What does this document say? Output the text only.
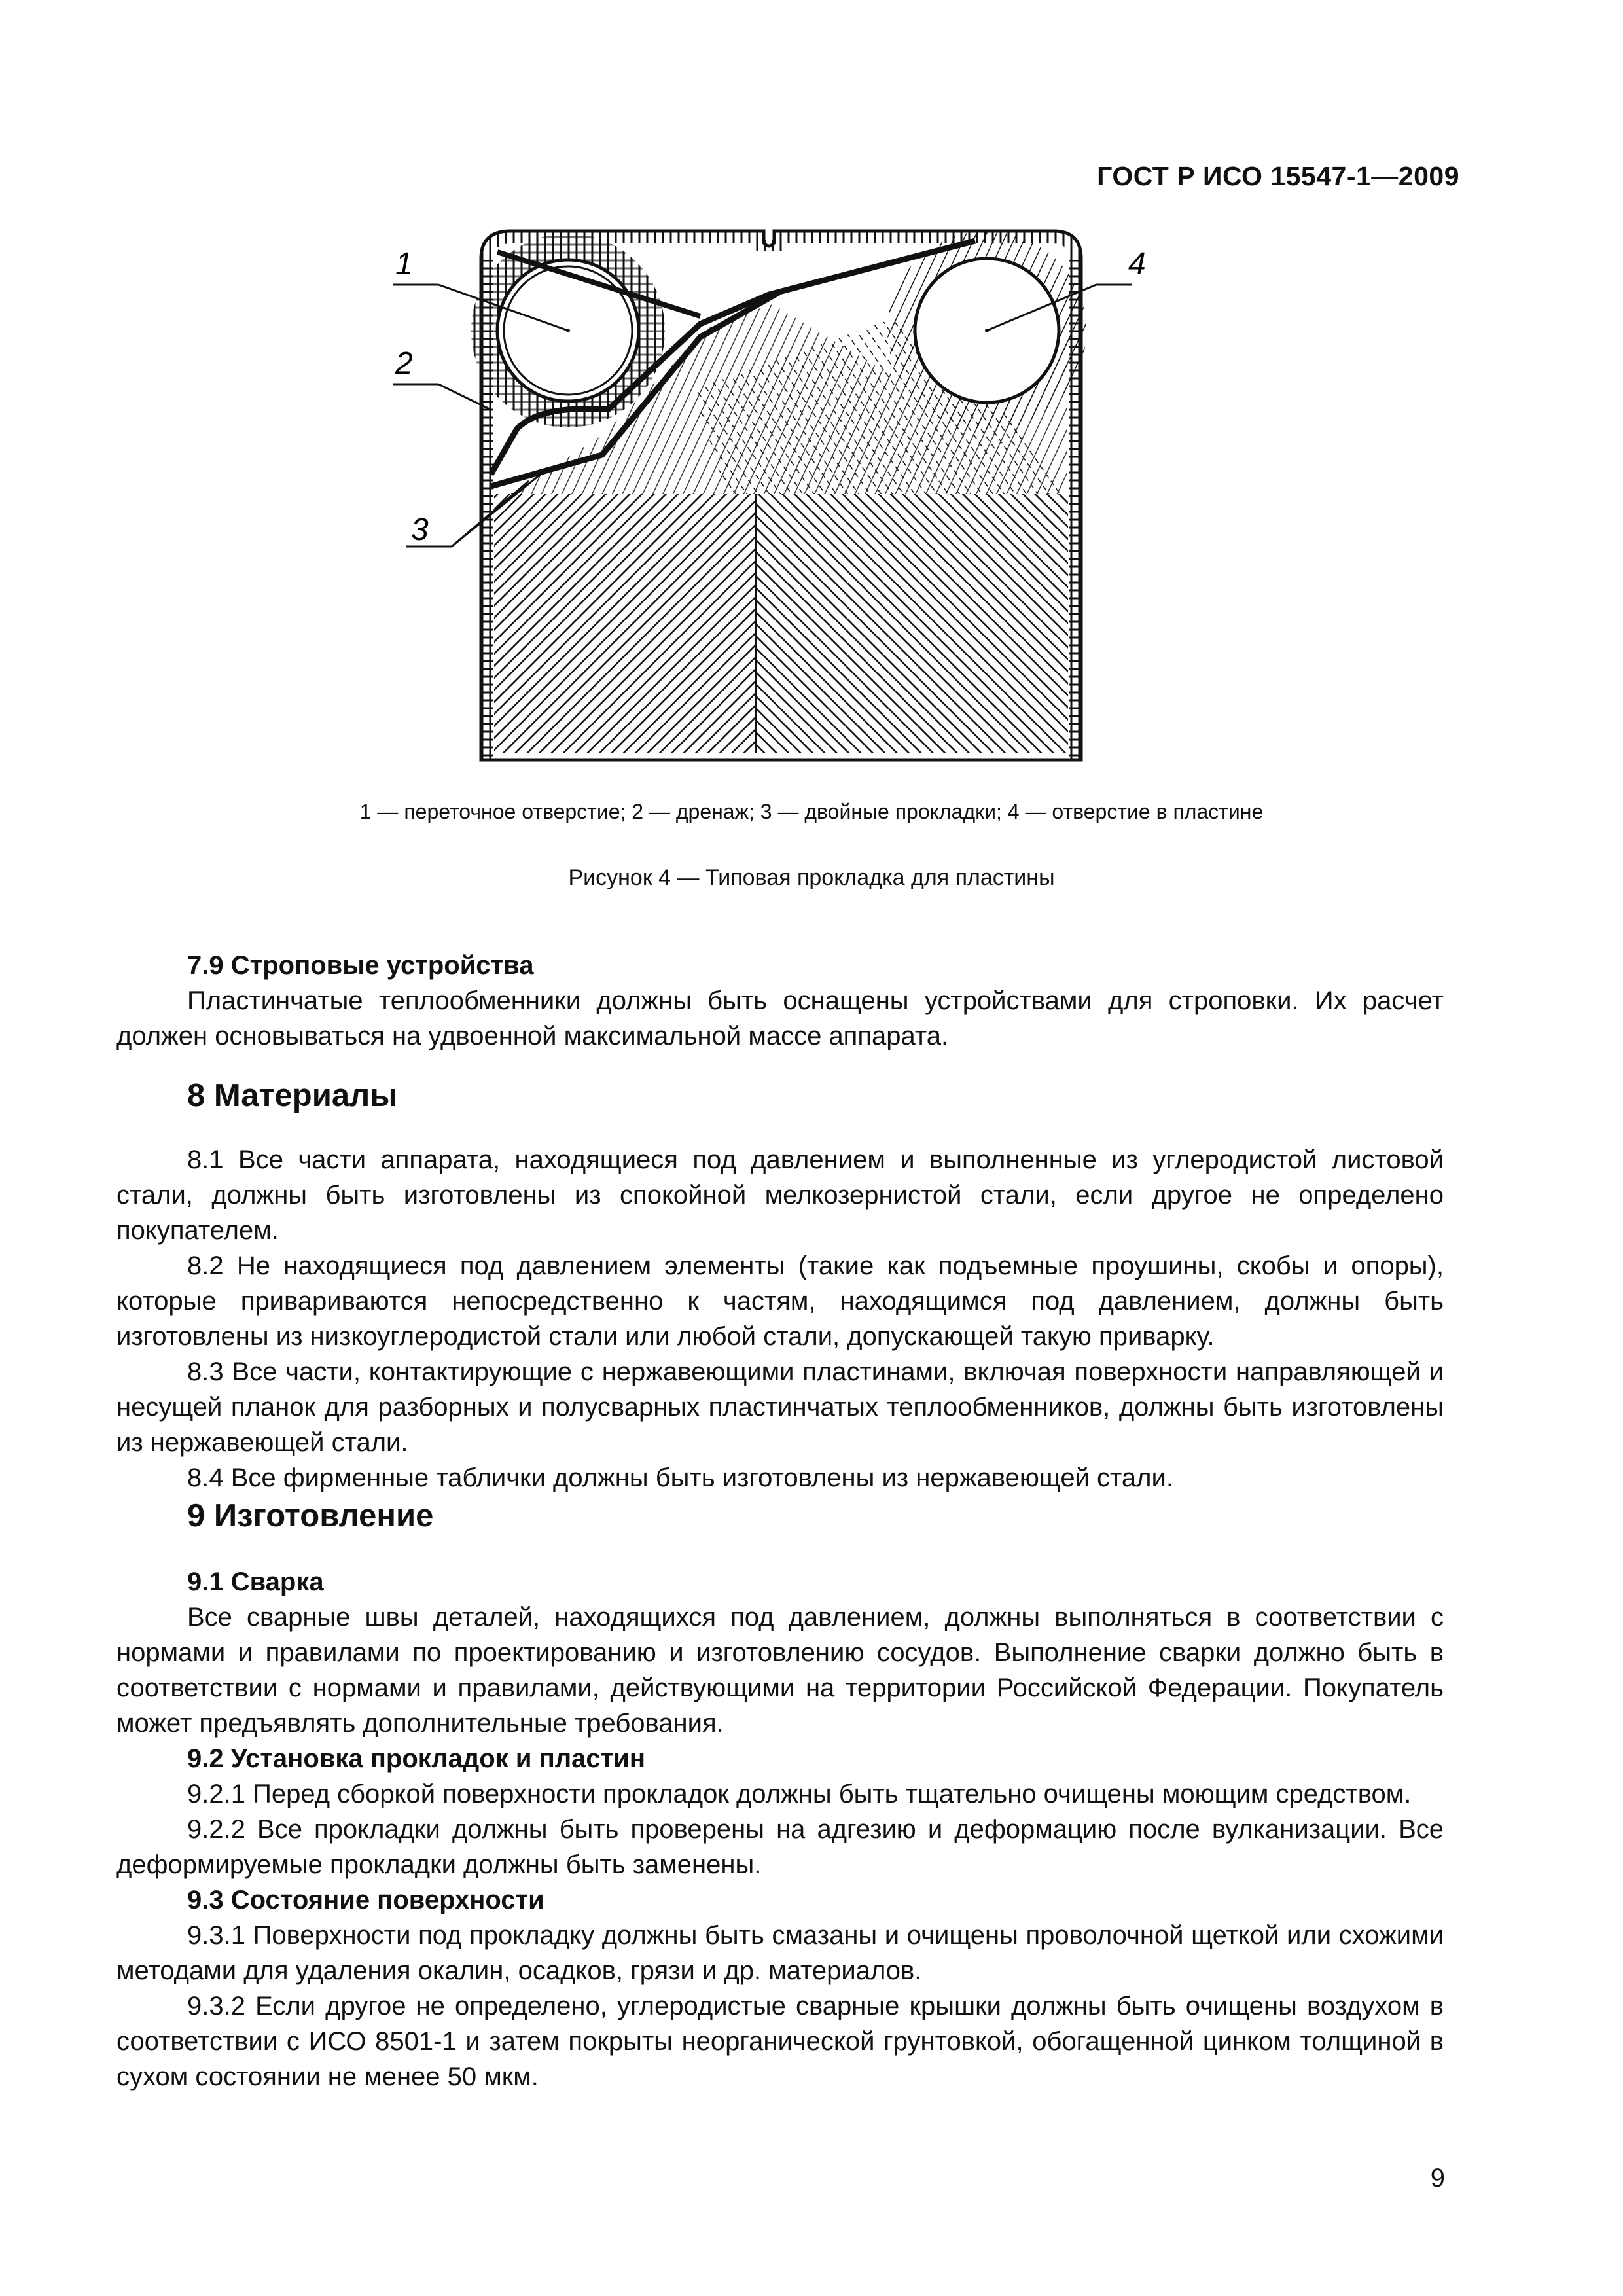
ГОСТ Р ИСО 15547-1—2009
1
2
3
4
1 — переточное отверстие; 2 — дренаж; 3 — двойные прокладки; 4 — отверстие в пластине
Рисунок 4 — Типовая прокладка для пластины

7.9 Строповые устройства

Пластинчатые теплообменники должны быть оснащены устройствами для строповки. Их расчет должен основываться на удвоенной максимальной массе аппарата.

8 Материалы

8.1 Все части аппарата, находящиеся под давлением и выполненные из углеродистой листовой стали, должны быть изготовлены из спокойной мелкозернистой стали, если другое не определено покупателем.

8.2 Не находящиеся под давлением элементы (такие как подъемные проушины, скобы и опоры), которые привариваются непосредственно к частям, находящимся под давлением, должны быть изготовлены из низкоуглеродистой стали или любой стали, допускающей такую приварку.

8.3 Все части, контактирующие с нержавеющими пластинами, включая поверхности направляющей и несущей планок для разборных и полусварных пластинчатых теплообменников, должны быть изготовлены из нержавеющей стали.

8.4 Все фирменные таблички должны быть изготовлены из нержавеющей стали.

9 Изготовление

9.1 Сварка

Все сварные швы деталей, находящихся под давлением, должны выполняться в соответствии с нормами и правилами по проектированию и изготовлению сосудов. Выполнение сварки должно быть в соответствии с нормами и правилами, действующими на территории Российской Федерации. Покупатель может предъявлять дополнительные требования.

9.2 Установка прокладок и пластин

9.2.1 Перед сборкой поверхности прокладок должны быть тщательно очищены моющим средством.

9.2.2 Все прокладки должны быть проверены на адгезию и деформацию после вулканизации. Все деформируемые прокладки должны быть заменены.

9.3 Состояние поверхности

9.3.1 Поверхности под прокладку должны быть смазаны и очищены проволочной щеткой или схожими методами для удаления окалин, осадков, грязи и др. материалов.

9.3.2 Если другое не определено, углеродистые сварные крышки должны быть очищены воздухом в соответствии с ИСО 8501-1 и затем покрыты неорганической грунтовкой, обогащенной цинком толщиной в сухом состоянии не менее 50 мкм.

9
